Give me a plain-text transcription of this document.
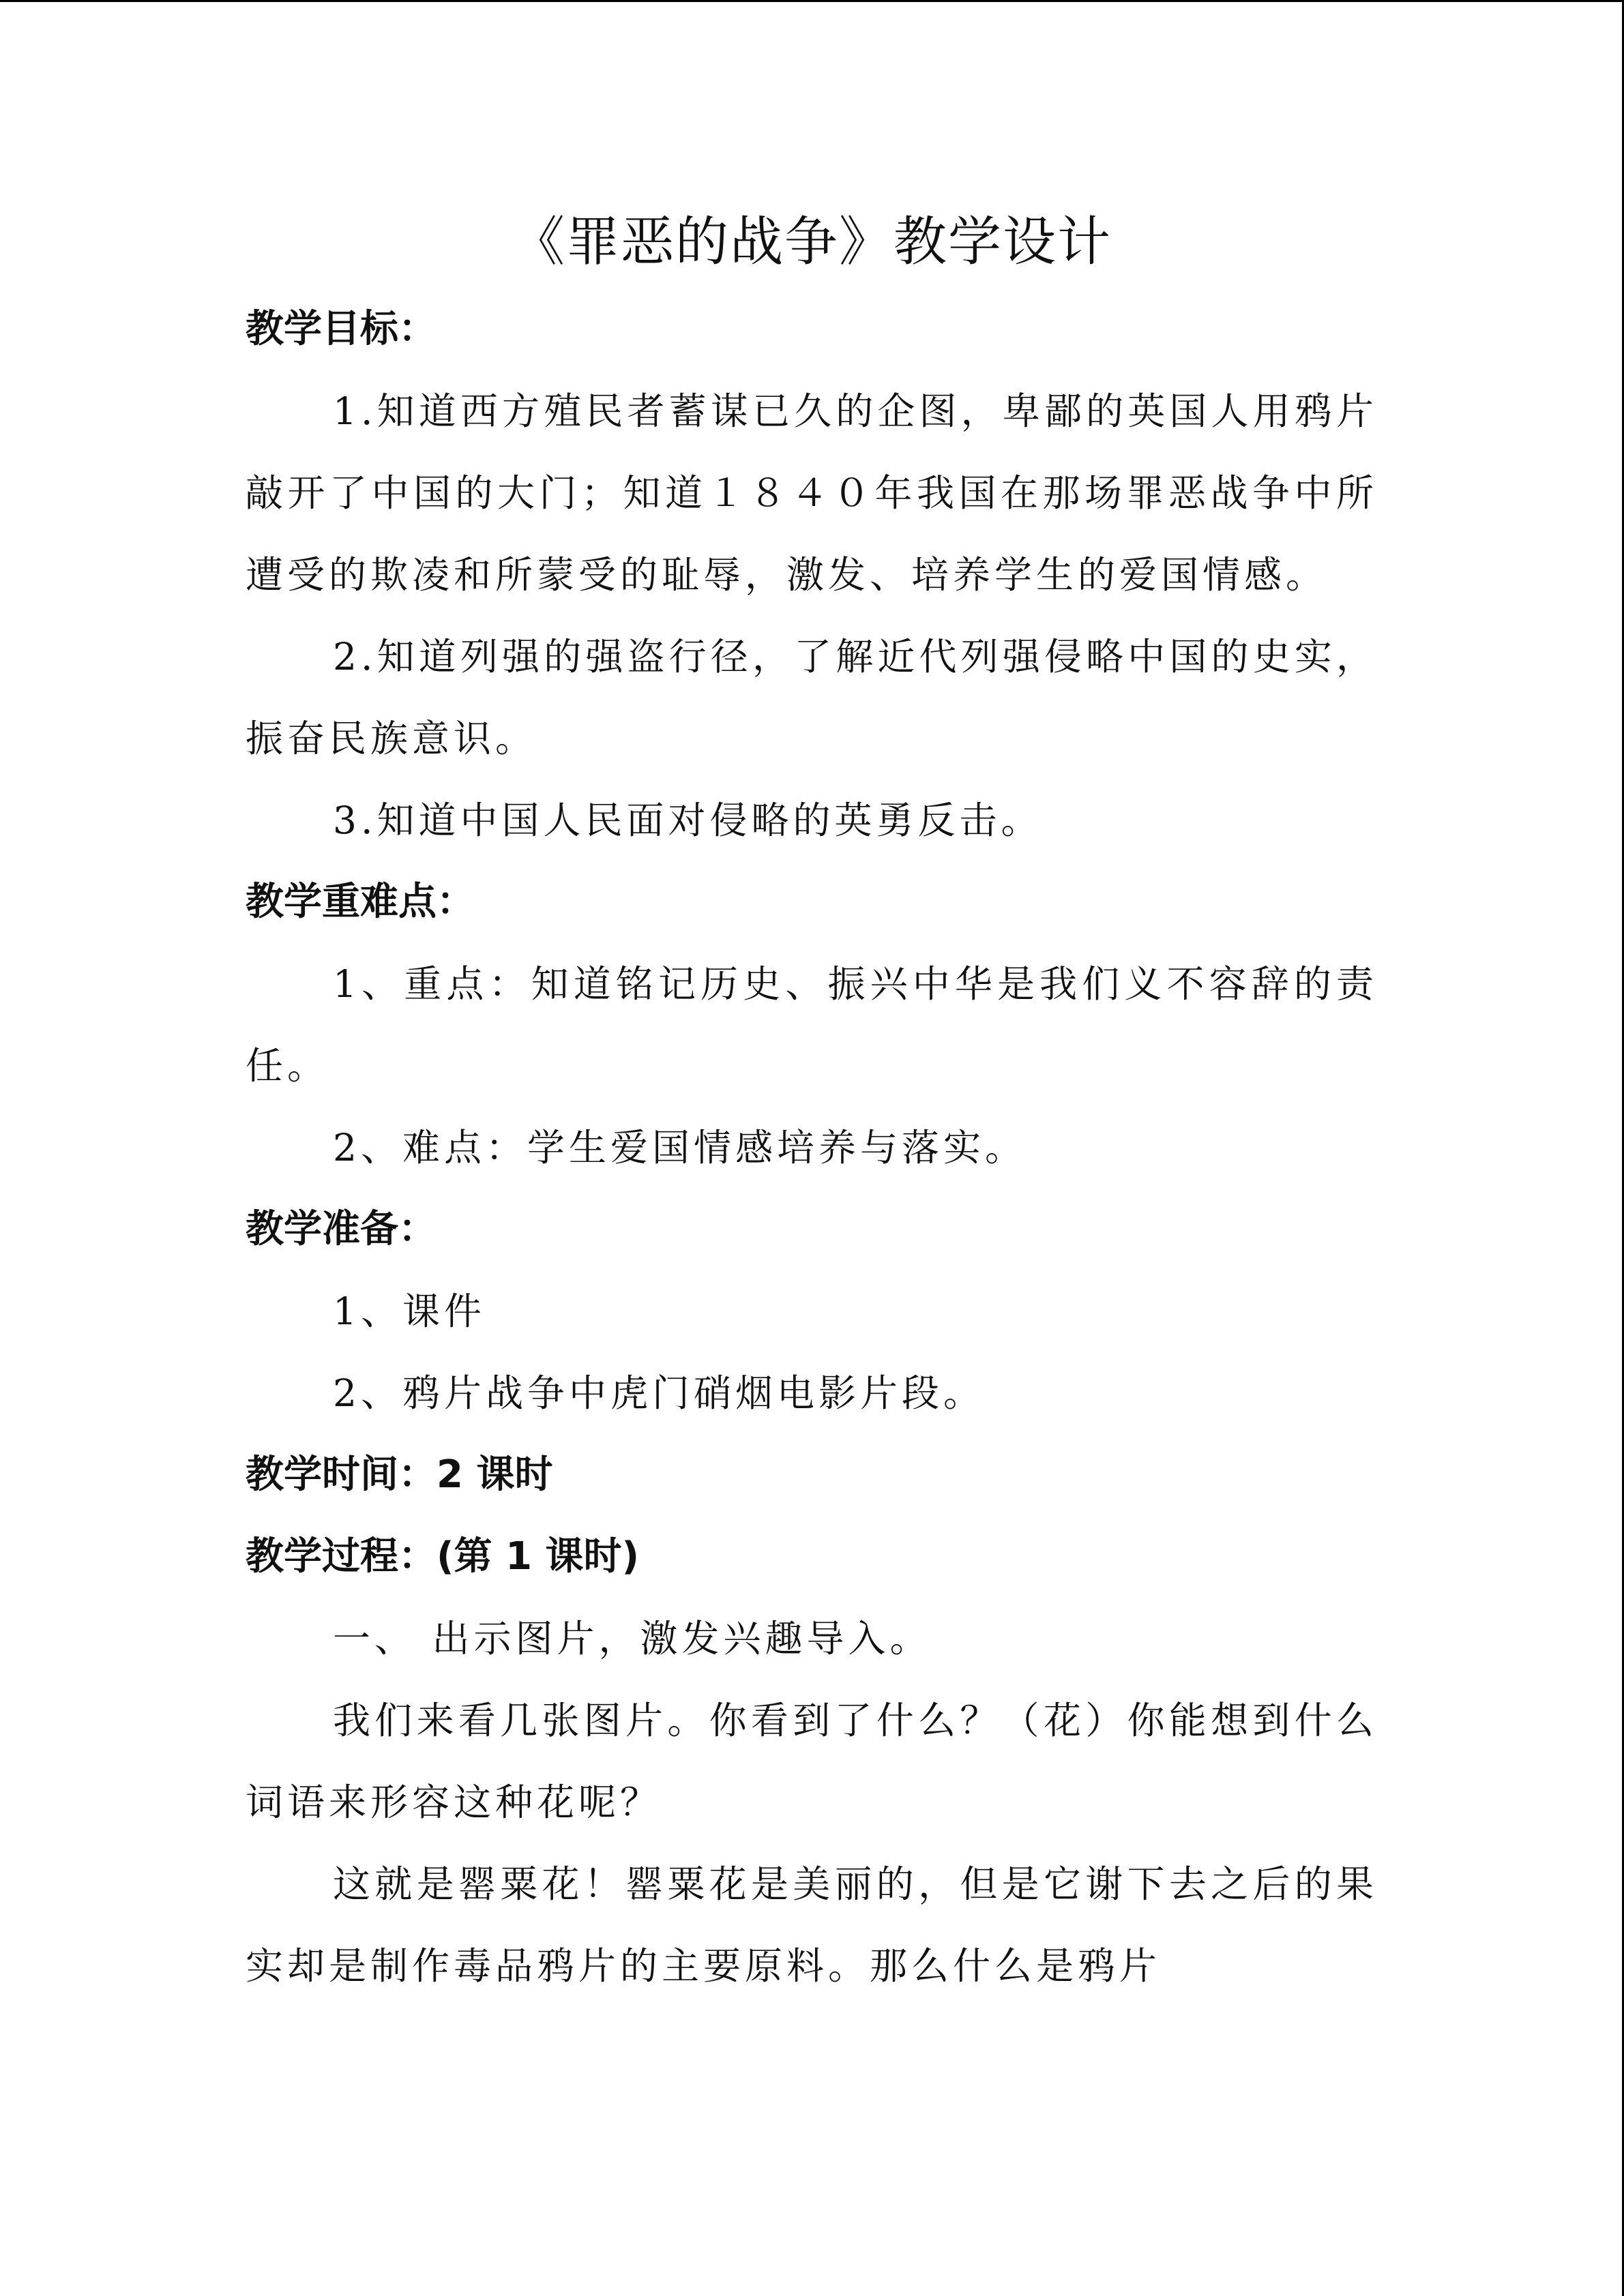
《罪恶的战争》教学设计
教学目标：

1.知道西方殖民者蓄谋已久的企图，卑鄙的英国人用鸦片敲开了中国的大门；知道１８４０年我国在那场罪恶战争中所遭受的欺凌和所蒙受的耻辱，激发、培养学生的爱国情感。

2.知道列强的强盗行径，了解近代列强侵略中国的史实，振奋民族意识。

3.知道中国人民面对侵略的英勇反击。

教学重难点：

1、重点：知道铭记历史、振兴中华是我们义不容辞的责任。

2、难点：学生爱国情感培养与落实。

教学准备：

1、课件

2、鸦片战争中虎门硝烟电影片段。

教学时间：2 课时
教学过程：(第 1 课时)

一、 出示图片，激发兴趣导入。

我们来看几张图片。你看到了什么？（花）你能想到什么词语来形容这种花呢？

这就是罂粟花！罂粟花是美丽的，但是它谢下去之后的果实却是制作毒品鸦片的主要原料。那么什么是鸦片
